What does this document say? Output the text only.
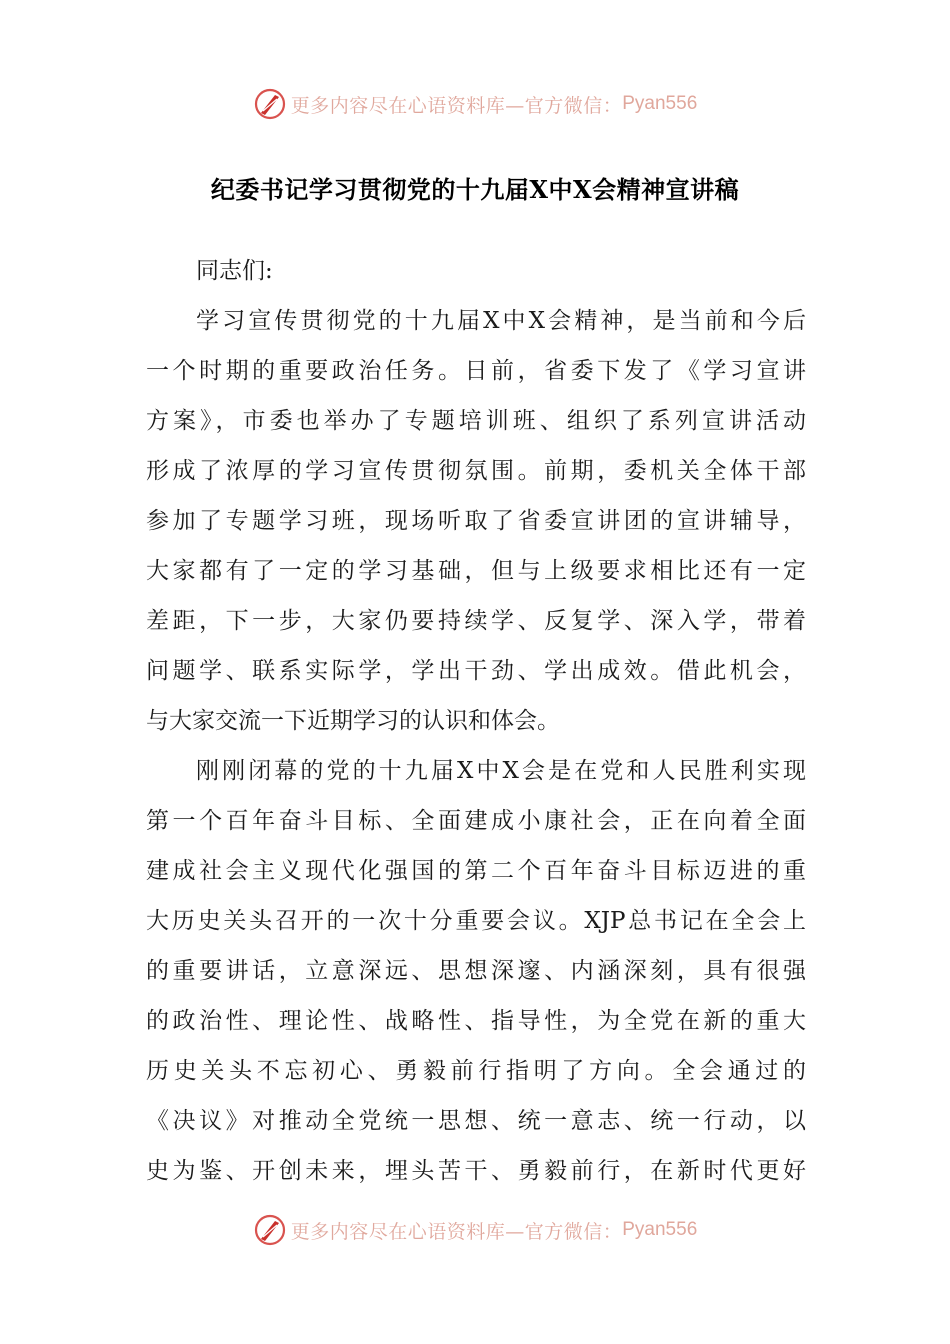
更多内容尽在心语资料库—官方微信： Pyan556
纪委书记学习贯彻党的十九届X中X会精神宣讲稿
同志们:
学习宣传贯彻党的十九届X中X会精神，是当前和今后
一个时期的重要政治任务。日前，省委下发了《学习宣讲
方案》，市委也举办了专题培训班、组织了系列宣讲活动
形成了浓厚的学习宣传贯彻氛围。前期，委机关全体干部
参加了专题学习班，现场听取了省委宣讲团的宣讲辅导，
大家都有了一定的学习基础，但与上级要求相比还有一定
差距，下一步，大家仍要持续学、反复学、深入学，带着
问题学、联系实际学，学出干劲、学出成效。借此机会，
与大家交流一下近期学习的认识和体会。
刚刚闭幕的党的十九届X中X会是在党和人民胜利实现
第一个百年奋斗目标、全面建成小康社会，正在向着全面
建成社会主义现代化强国的第二个百年奋斗目标迈进的重
大历史关头召开的一次十分重要会议。XJP总书记在全会上
的重要讲话，立意深远、思想深邃、内涵深刻，具有很强
的政治性、理论性、战略性、指导性，为全党在新的重大
历史关头不忘初心、勇毅前行指明了方向。全会通过的
《决议》对推动全党统一思想、统一意志、统一行动，以
史为鉴、开创未来，埋头苦干、勇毅前行，在新时代更好
更多内容尽在心语资料库—官方微信： Pyan556
